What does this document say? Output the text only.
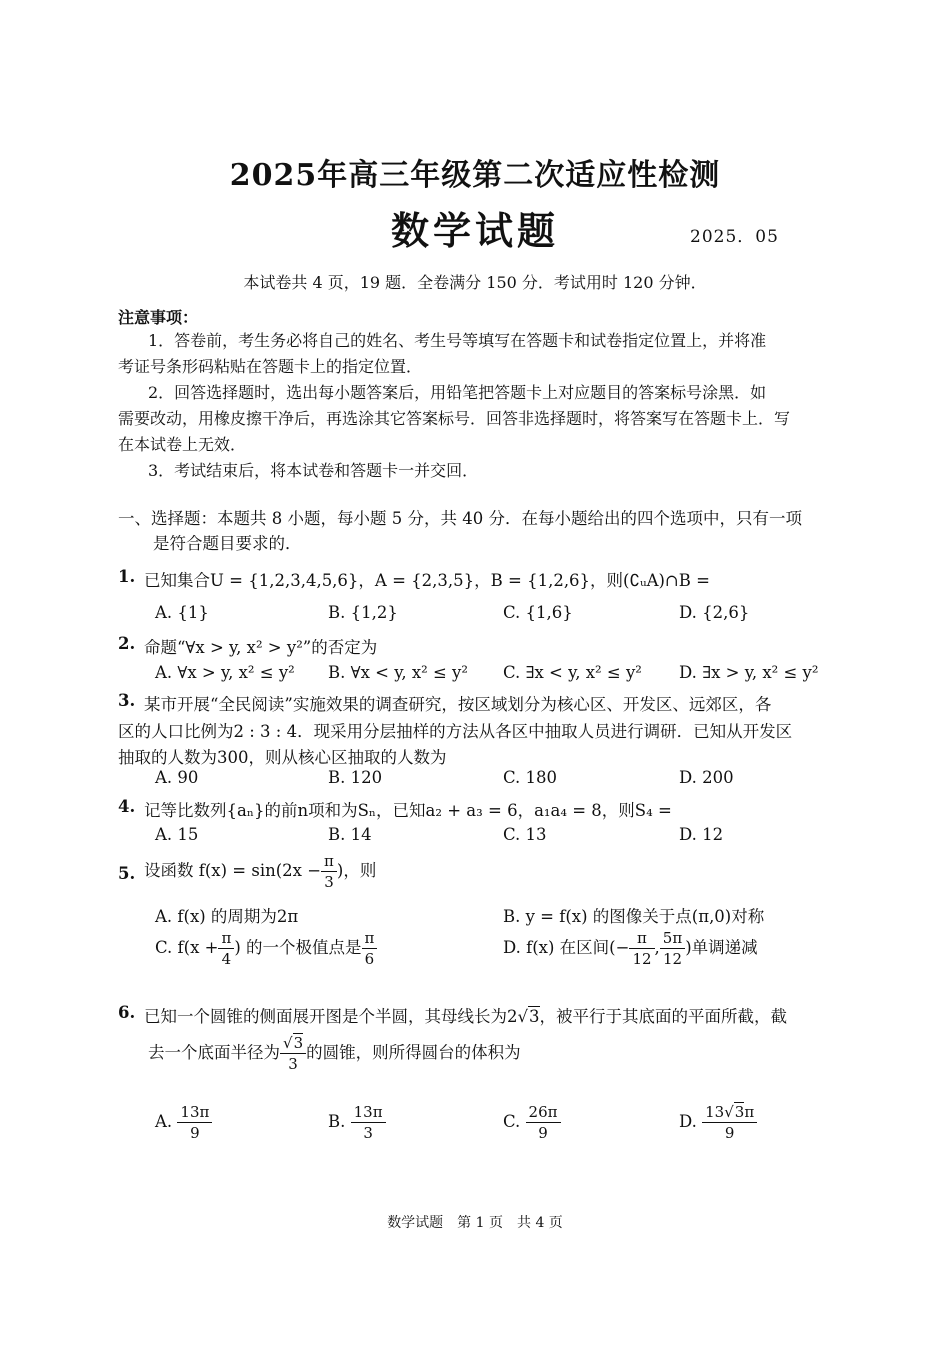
2025年高三年级第二次适应性检测
数学试题	2025．05
本试卷共 4 页，19 题．全卷满分 150 分．考试用时 120 分钟．
注意事项：
1．答卷前，考生务必将自己的姓名、考生号等填写在答题卡和试卷指定位置上，并将准
考证号条形码粘贴在答题卡上的指定位置．
2．回答选择题时，选出每小题答案后，用铅笔把答题卡上对应题目的答案标号涂黑．如
需要改动，用橡皮擦干净后，再选涂其它答案标号．回答非选择题时，将答案写在答题卡上．写
在本试卷上无效．
3．考试结束后，将本试卷和答题卡一并交回．
一、选择题：本题共 8 小题，每小题 5 分，共 40 分．在每小题给出的四个选项中，只有一项
是符合题目要求的．
1. 已知集合U = {1,2,3,4,5,6}，A = {2,3,5}，B = {1,2,6}，则(∁ᵤA)∩B =
A. {1}	B. {1,2}	C. {1,6}	D. {2,6}
2. 命题“∀x > y, x² > y²”的否定为
A. ∀x > y, x² ≤ y² B. ∀x < y, x² ≤ y² C. ∃x < y, x² ≤ y² D. ∃x > y, x² ≤ y²
3. 某市开展“全民阅读”实施效果的调查研究，按区域划分为核心区、开发区、远郊区，各
区的人口比例为2 : 3 : 4．现采用分层抽样的方法从各区中抽取人员进行调研．已知从开发区
抽取的人数为300，则从核心区抽取的人数为
A. 90	B. 120	C. 180	D. 200
4. 记等比数列{aₙ}的前n项和为Sₙ，已知a₂ + a₃ = 6，a₁a₄ = 8，则S₄ =
A. 15	B. 14	C. 13	D. 12
5. 设函数 $f(x) = \sin(2x - \frac{\pi}{3}$ )，则
A. f(x) 的周期为2π	B. y = f(x) 的图像关于点(π,0)对称
C. $f(x + \frac{\pi}{4}$ ) 的一个极值点是 $\frac{\pi}{6}$	D. f(x) 在区间(− $\frac{\pi}{12}$ , $\frac{5\pi}{12}$ )单调递减
6. 已知一个圆锥的侧面展开图是个半圆，其母线长为2√3，被平行于其底面的平面所截，截
去一个底面半径为 $\frac{√3}{3}$ 的圆锥，则所得圆台的体积为
A. $\frac{13\pi}{9}$	B. $\frac{13\pi}{3}$	C. $\frac{26\pi}{9}$	D. $\frac{13√3\pi}{9}$
数学试题　第 1 页　共 4 页
